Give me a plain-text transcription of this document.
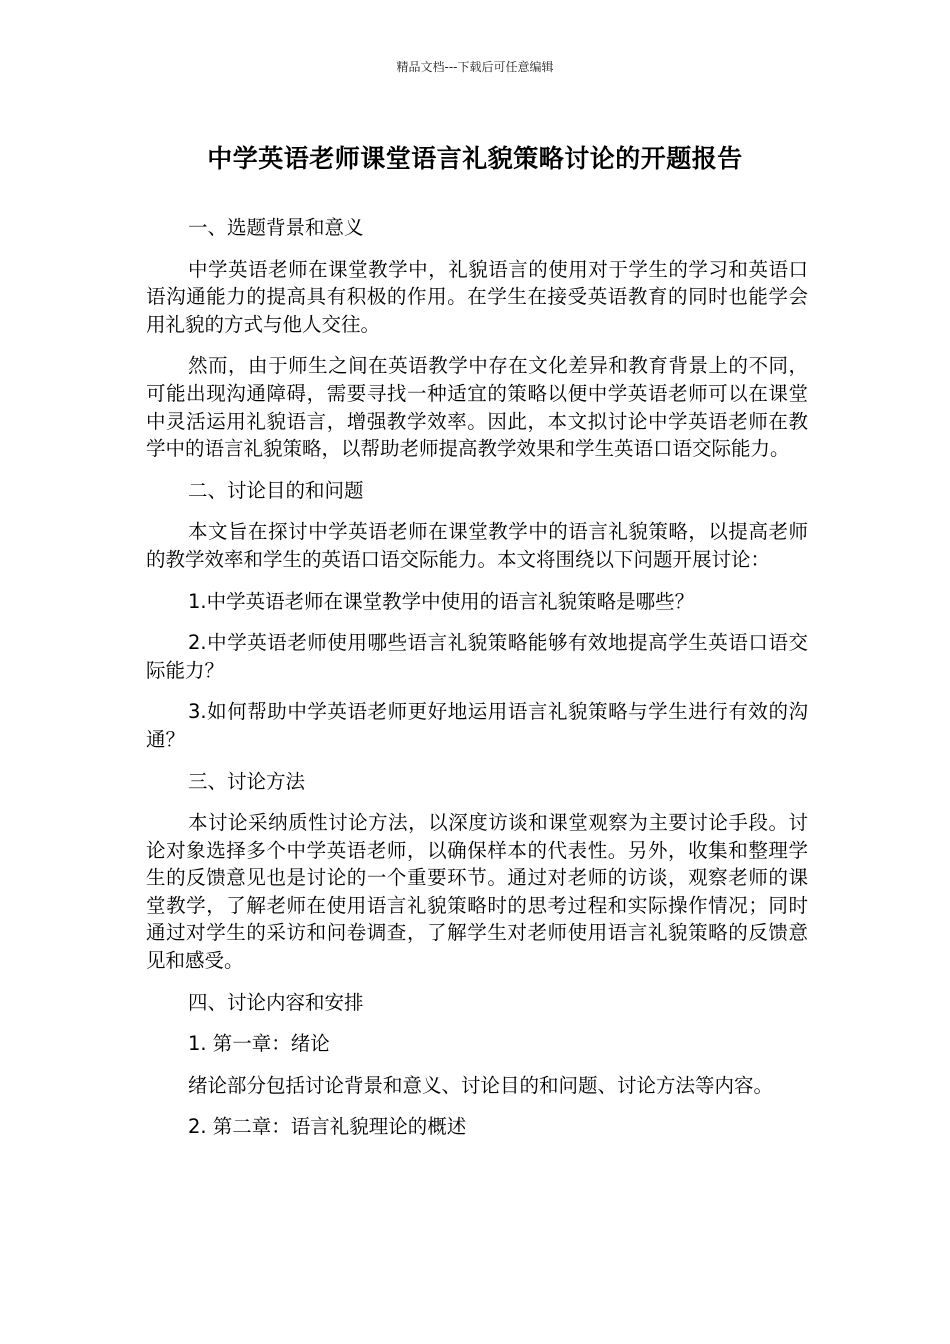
精品文档---下载后可任意编辑
中学英语老师课堂语言礼貌策略讨论的开题报告

一、选题背景和意义

中学英语老师在课堂教学中，礼貌语言的使用对于学生的学习和英语口语沟通能力的提高具有积极的作用。在学生在接受英语教育的同时也能学会用礼貌的方式与他人交往。

然而，由于师生之间在英语教学中存在文化差异和教育背景上的不同，可能出现沟通障碍，需要寻找一种适宜的策略以便中学英语老师可以在课堂中灵活运用礼貌语言，增强教学效率。因此，本文拟讨论中学英语老师在教学中的语言礼貌策略，以帮助老师提高教学效果和学生英语口语交际能力。

二、讨论目的和问题

本文旨在探讨中学英语老师在课堂教学中的语言礼貌策略，以提高老师的教学效率和学生的英语口语交际能力。本文将围绕以下问题开展讨论：

1.中学英语老师在课堂教学中使用的语言礼貌策略是哪些？

2.中学英语老师使用哪些语言礼貌策略能够有效地提高学生英语口语交际能力？

3.如何帮助中学英语老师更好地运用语言礼貌策略与学生进行有效的沟通？

三、讨论方法

本讨论采纳质性讨论方法，以深度访谈和课堂观察为主要讨论手段。讨论对象选择多个中学英语老师，以确保样本的代表性。另外，收集和整理学生的反馈意见也是讨论的一个重要环节。通过对老师的访谈，观察老师的课堂教学，了解老师在使用语言礼貌策略时的思考过程和实际操作情况；同时通过对学生的采访和问卷调查，了解学生对老师使用语言礼貌策略的反馈意见和感受。

四、讨论内容和安排

1. 第一章：绪论

绪论部分包括讨论背景和意义、讨论目的和问题、讨论方法等内容。

2. 第二章：语言礼貌理论的概述
